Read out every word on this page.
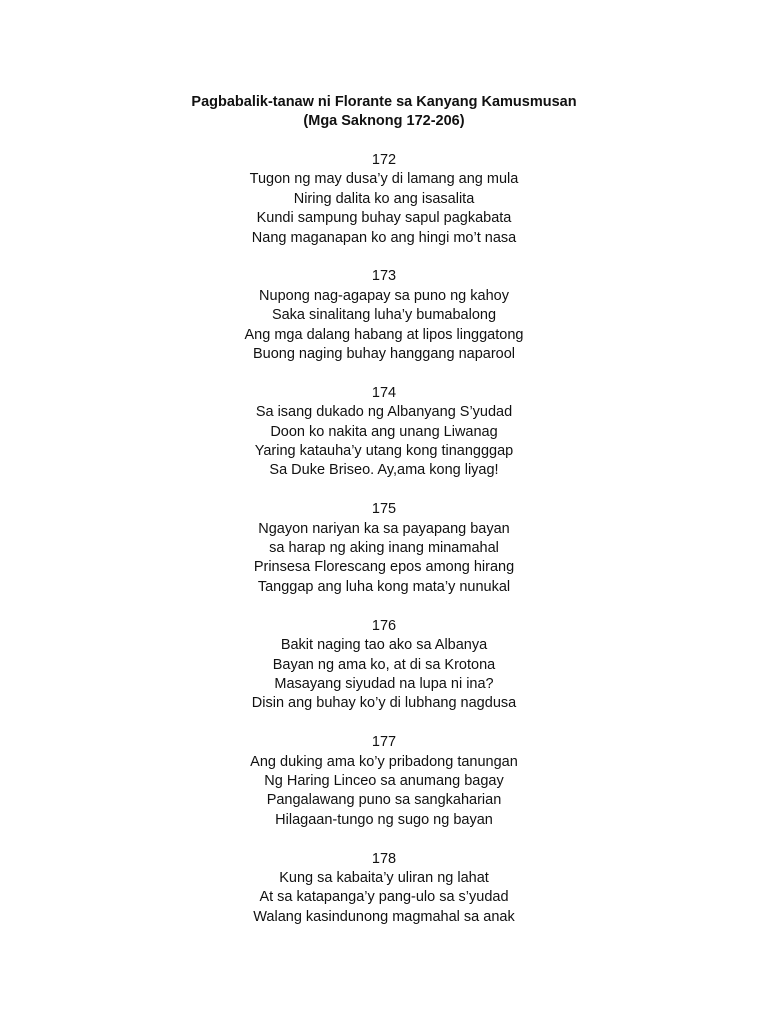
Pagbabalik-tanaw ni Florante sa Kanyang Kamusmusan
(Mga Saknong 172-206)
172
Tugon ng may dusa’y di lamang ang mula
Niring dalita ko ang isasalita
Kundi sampung buhay sapul pagkabata
Nang maganapan ko ang hingi mo’t nasa
173
Nupong nag-agapay sa puno ng kahoy
Saka sinalitang luha’y bumabalong
Ang mga dalang habang at lipos linggatong
Buong naging buhay hanggang naparool
174
Sa isang dukado ng Albanyang S’yudad
Doon ko nakita ang unang Liwanag
Yaring katauha’y utang kong tinangggap
Sa Duke Briseo. Ay,ama kong liyag!
175
Ngayon nariyan ka sa payapang bayan
sa harap ng aking inang minamahal
Prinsesa Florescang epos among hirang
Tanggap ang luha kong mata’y nunukal
176
Bakit naging tao ako sa Albanya
Bayan ng ama ko, at di sa Krotona
Masayang siyudad na lupa ni ina?
Disin ang buhay ko’y di lubhang nagdusa
177
Ang duking ama ko’y pribadong tanungan
Ng Haring Linceo sa anumang bagay
Pangalawang puno sa sangkaharian
Hilagaan-tungo ng sugo ng bayan
178
Kung sa kabaita’y uliran ng lahat
At sa katapanga’y pang-ulo sa s’yudad
Walang kasindunong magmahal sa anak
